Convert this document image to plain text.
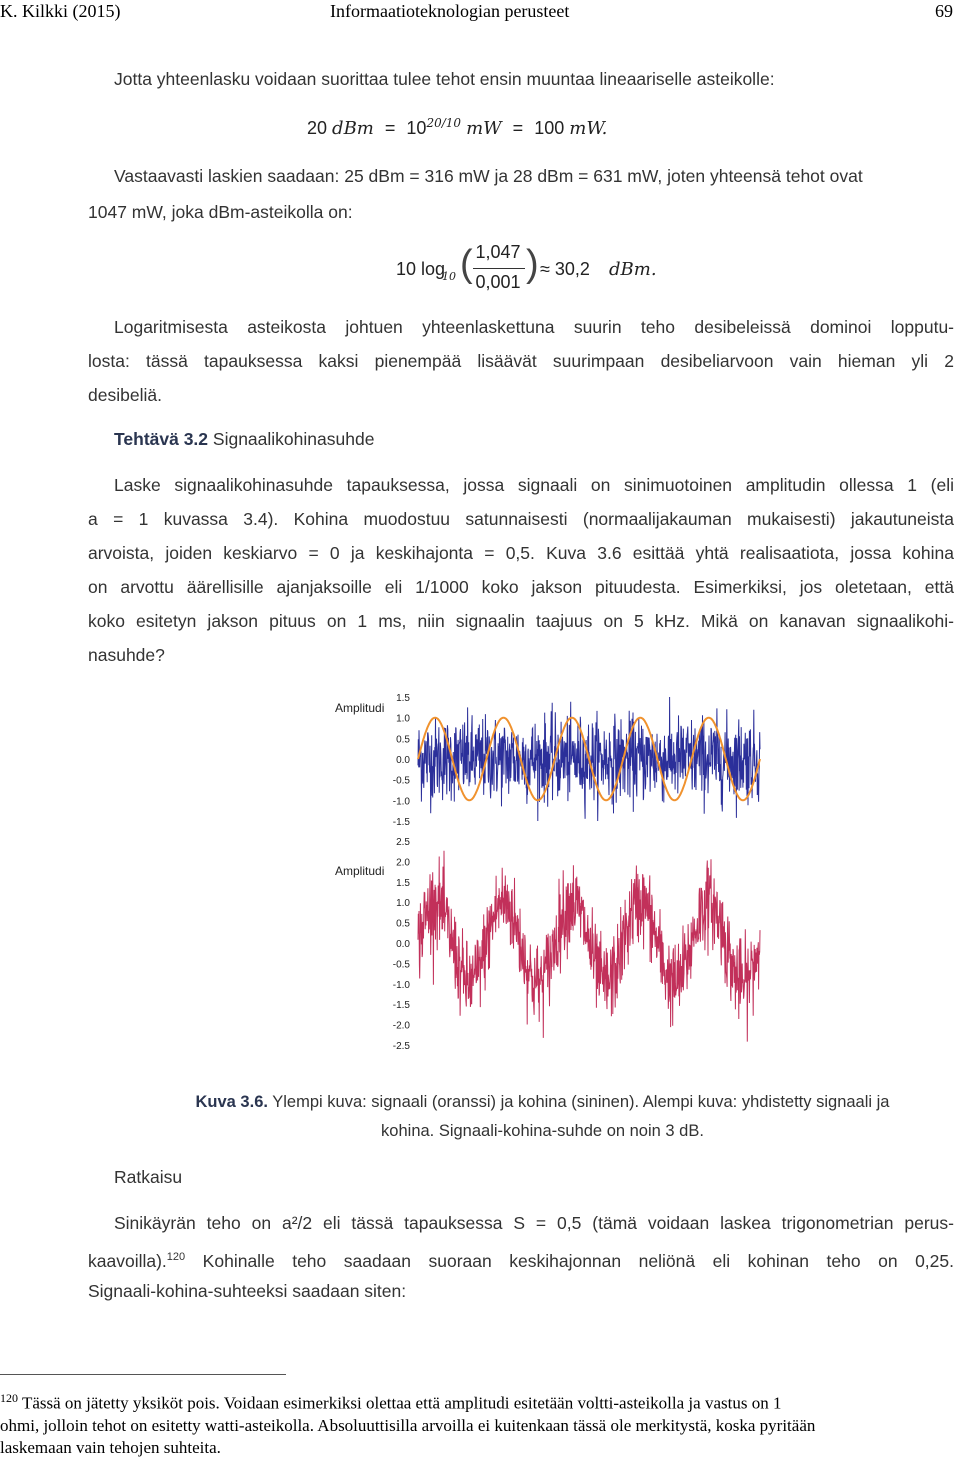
K. Kilkki (2015)	Informaatioteknologian perusteet	69
Jotta yhteenlasku voidaan suorittaa tulee tehot ensin muuntaa lineaariselle asteikolle:
20 dBm = $10^{20/10}$ mW = 100 mW.
Vastaavasti laskien saadaan: 25 dBm = 316 mW ja 28 dBm = 631 mW, joten yhteensä tehot ovat
1047 mW, joka dBm-asteikolla on:
10 log
10 ( 1,047
0,001 ) ≈ 30,2 dBm.
Logaritmisesta asteikosta johtuen yhteenlaskettuna suurin teho desibeleissä dominoi lopputu-
losta: tässä tapauksessa kaksi pienempää lisäävät suurimpaan desibeliarvoon vain hieman yli 2
desibeliä.
Tehtävä 3.2 Signaalikohinasuhde
Laske signaalikohinasuhde tapauksessa, jossa signaali on sinimuotoinen amplitudin ollessa 1 (eli
a = 1 kuvassa 3.4). Kohina muodostuu satunnaisesti (normaalijakauman mukaisesti) jakautuneista
arvoista, joiden keskiarvo = 0 ja keskihajonta = 0,5. Kuva 3.6 esittää yhtä realisaatiota, jossa kohina
on arvottu äärellisille ajanjaksoille eli 1/1000 koko jakson pituudesta. Esimerkiksi, jos oletetaan, että
koko esitetyn jakson pituus on 1 ms, niin signaalin taajuus on 5 kHz. Mikä on kanavan signaalikohi-
nasuhde?
Amplitudi
Amplitudi
1.5
1.0
0.5
0.0
-0.5
-1.0
-1.5
2.5
2.0
1.5
1.0
0.5
0.0
-0.5
-1.0
-1.5
-2.0
-2.5
Kuva 3.6. Ylempi kuva: signaali (oranssi) ja kohina (sininen). Alempi kuva: yhdistetty signaali ja
kohina. Signaali-kohina-suhde on noin 3 dB.
Ratkaisu
Sinikäyrän teho on a²/2 eli tässä tapauksessa S = 0,5 (tämä voidaan laskea trigonometrian perus-
kaavoilla).$^{120}$ Kohinalle teho saadaan suoraan keskihajonnan neliönä eli kohinan teho on 0,25.
Signaali-kohina-suhteeksi saadaan siten:
$^{120}$ Tässä on jätetty yksiköt pois. Voidaan esimerkiksi olettaa että amplitudi esitetään voltti-asteikolla ja vastus on 1
ohmi, jolloin tehot on esitetty watti-asteikolla. Absoluuttisilla arvoilla ei kuitenkaan tässä ole merkitystä, koska pyritään
laskemaan vain tehojen suhteita.
